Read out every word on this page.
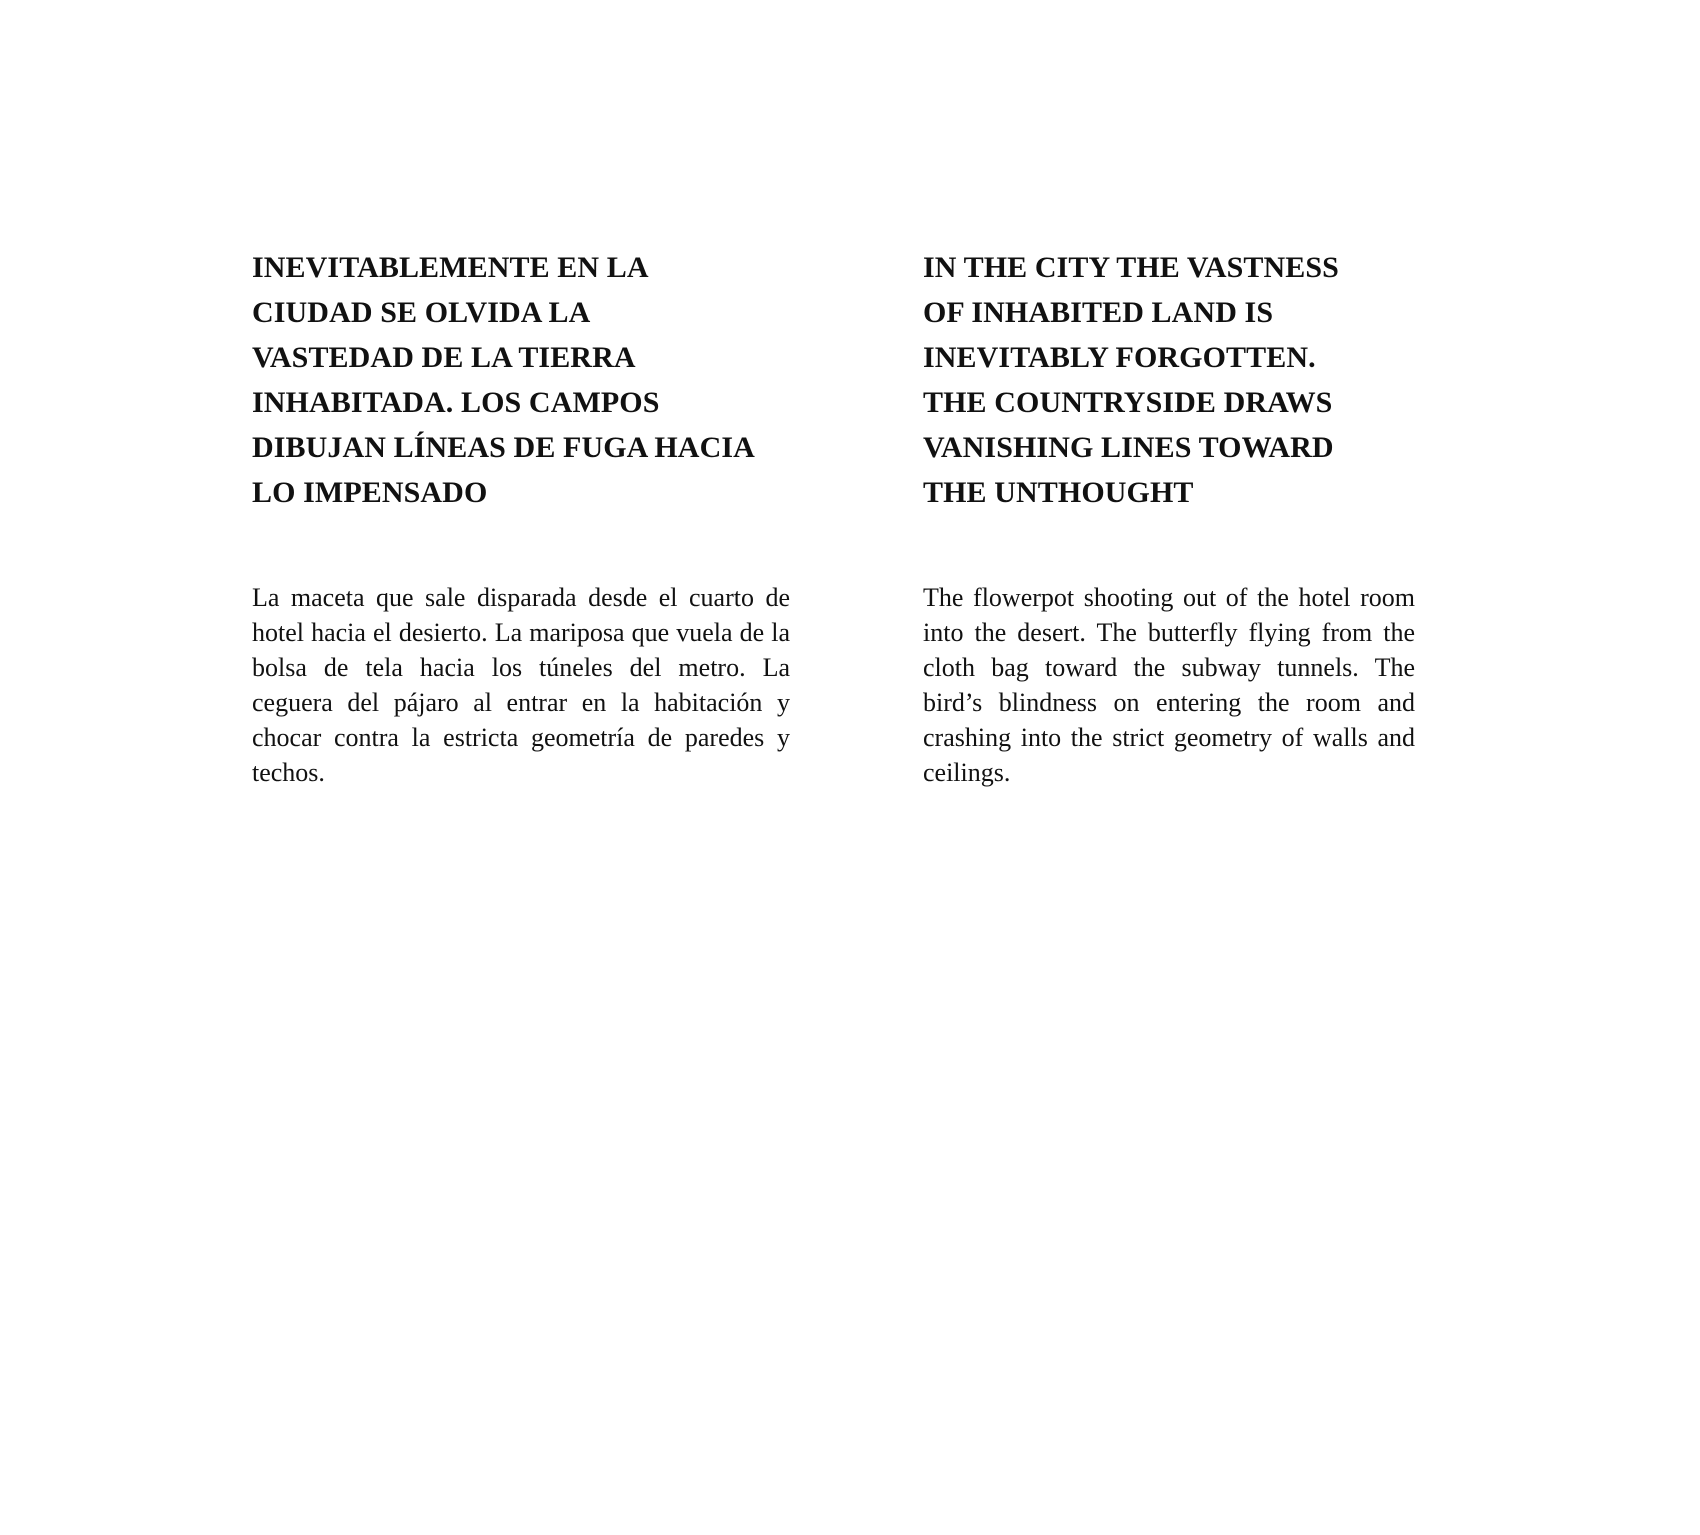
INEVITABLEMENTE EN LA
CIUDAD SE OLVIDA LA
VASTEDAD DE LA TIERRA
INHABITADA. LOS CAMPOS
DIBUJAN LÍNEAS DE FUGA HACIA
LO IMPENSADO

La maceta que sale disparada desde el cuarto de hotel hacia el desierto. La mariposa que vuela de la bolsa de tela hacia los túneles del metro. La ceguera del pájaro al entrar en la habitación y chocar contra la estricta geometría de paredes y techos.

IN THE CITY THE VASTNESS
OF INHABITED LAND IS
INEVITABLY FORGOTTEN.
THE COUNTRYSIDE DRAWS
VANISHING LINES TOWARD
THE UNTHOUGHT

The flowerpot shooting out of the hotel room into the desert. The butterfly flying from the cloth bag toward the subway tunnels. The bird’s blindness on entering the room and crashing into the strict geometry of walls and ceilings.
